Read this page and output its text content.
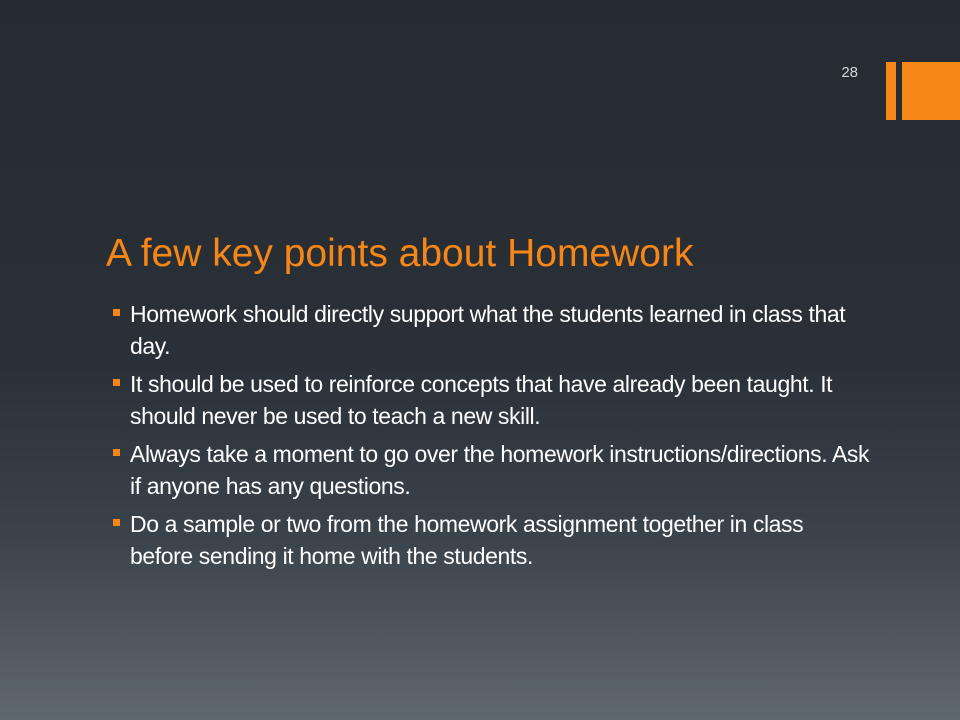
28
A few key points about Homework
Homework should directly support what the students learned in class that day.
It should be used to reinforce concepts that have already been taught. It should never be used to teach a new skill.
Always take a moment to go over the homework instructions/directions. Ask if anyone has any questions.
Do a sample or two from the homework assignment together in class before sending it home with the students.
